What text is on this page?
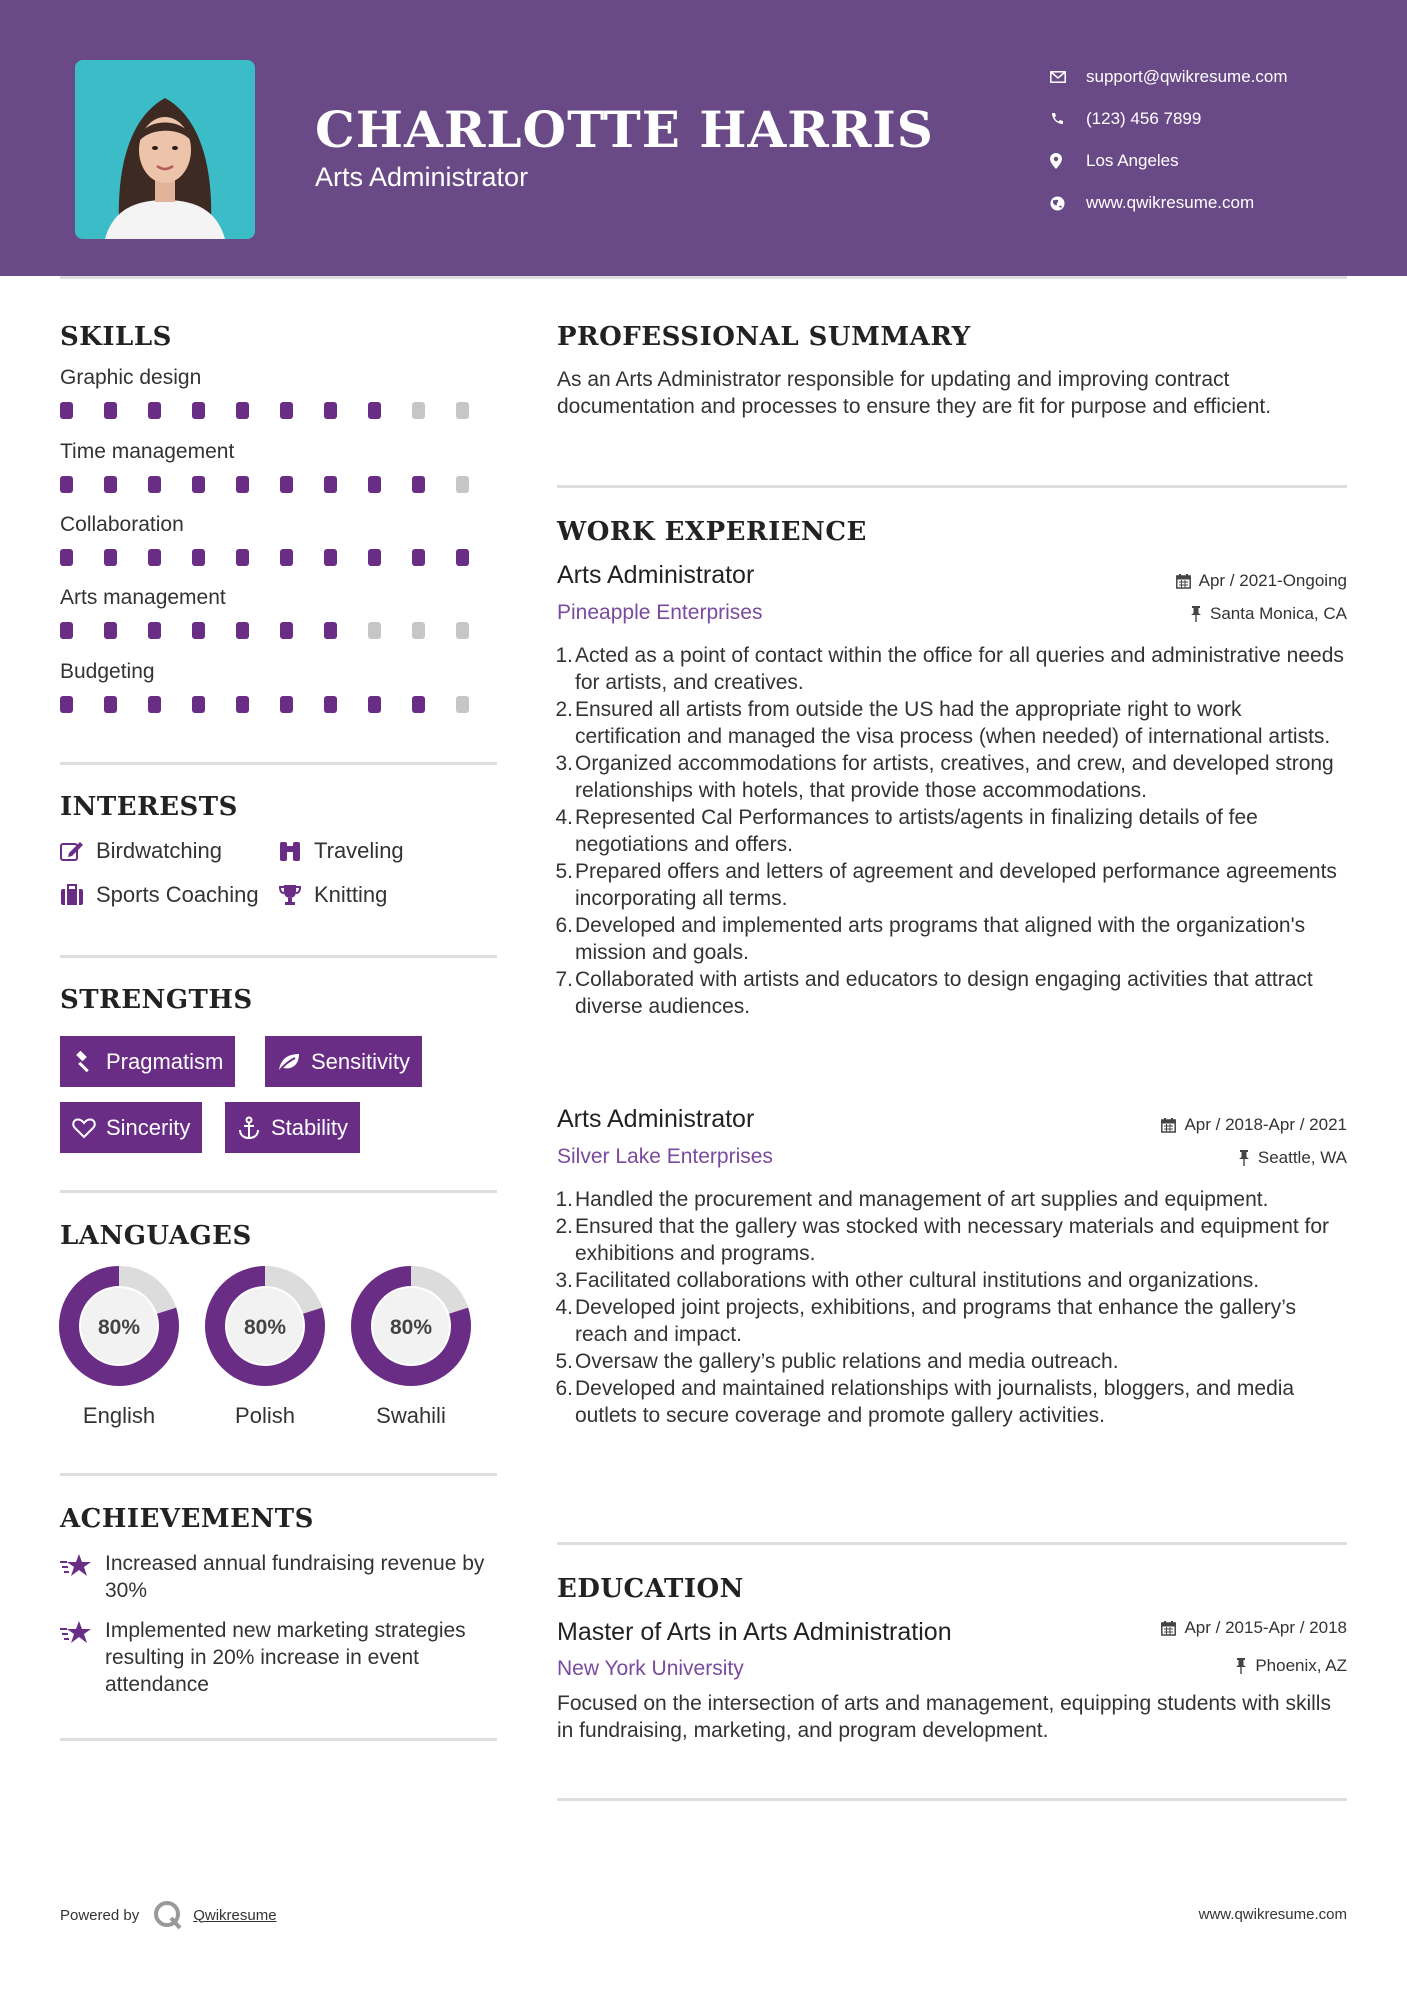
CHARLOTTE HARRIS
Arts Administrator
support@qwikresume.com
(123) 456 7899
Los Angeles
www.qwikresume.com
SKILLS
Graphic design
Time management
Collaboration
Arts management
Budgeting
INTERESTS
Birdwatching	Traveling
Sports Coaching	Knitting
STRENGTHS
Pragmatism	Sensitivity
Sincerity	Stability
LANGUAGES
80%
English
80%
Polish
80%
Swahili
ACHIEVEMENTS
Increased annual fundraising revenue by 30%
Implemented new marketing strategies resulting in 20% increase in event attendance
PROFESSIONAL SUMMARY
As an Arts Administrator responsible for updating and improving contract documentation and processes to ensure they are fit for purpose and efficient.
WORK EXPERIENCE
Arts Administrator	Apr / 2021-Ongoing
Pineapple Enterprises	Santa Monica, CA
1. Acted as a point of contact within the office for all queries and administrative needs for artists, and creatives.
2. Ensured all artists from outside the US had the appropriate right to work certification and managed the visa process (when needed) of international artists.
3. Organized accommodations for artists, creatives, and crew, and developed strong relationships with hotels, that provide those accommodations.
4. Represented Cal Performances to artists/agents in finalizing details of fee negotiations and offers.
5. Prepared offers and letters of agreement and developed performance agreements incorporating all terms.
6. Developed and implemented arts programs that aligned with the organization's mission and goals.
7. Collaborated with artists and educators to design engaging activities that attract diverse audiences.
Arts Administrator	Apr / 2018-Apr / 2021
Silver Lake Enterprises	Seattle, WA
1. Handled the procurement and management of art supplies and equipment.
2. Ensured that the gallery was stocked with necessary materials and equipment for exhibitions and programs.
3. Facilitated collaborations with other cultural institutions and organizations.
4. Developed joint projects, exhibitions, and programs that enhance the gallery’s reach and impact.
5. Oversaw the gallery’s public relations and media outreach.
6. Developed and maintained relationships with journalists, bloggers, and media outlets to secure coverage and promote gallery activities.
EDUCATION
Master of Arts in Arts Administration	Apr / 2015-Apr / 2018
New York University	Phoenix, AZ
Focused on the intersection of arts and management, equipping students with skills in fundraising, marketing, and program development.
Powered by	Qwikresume	www.qwikresume.com
